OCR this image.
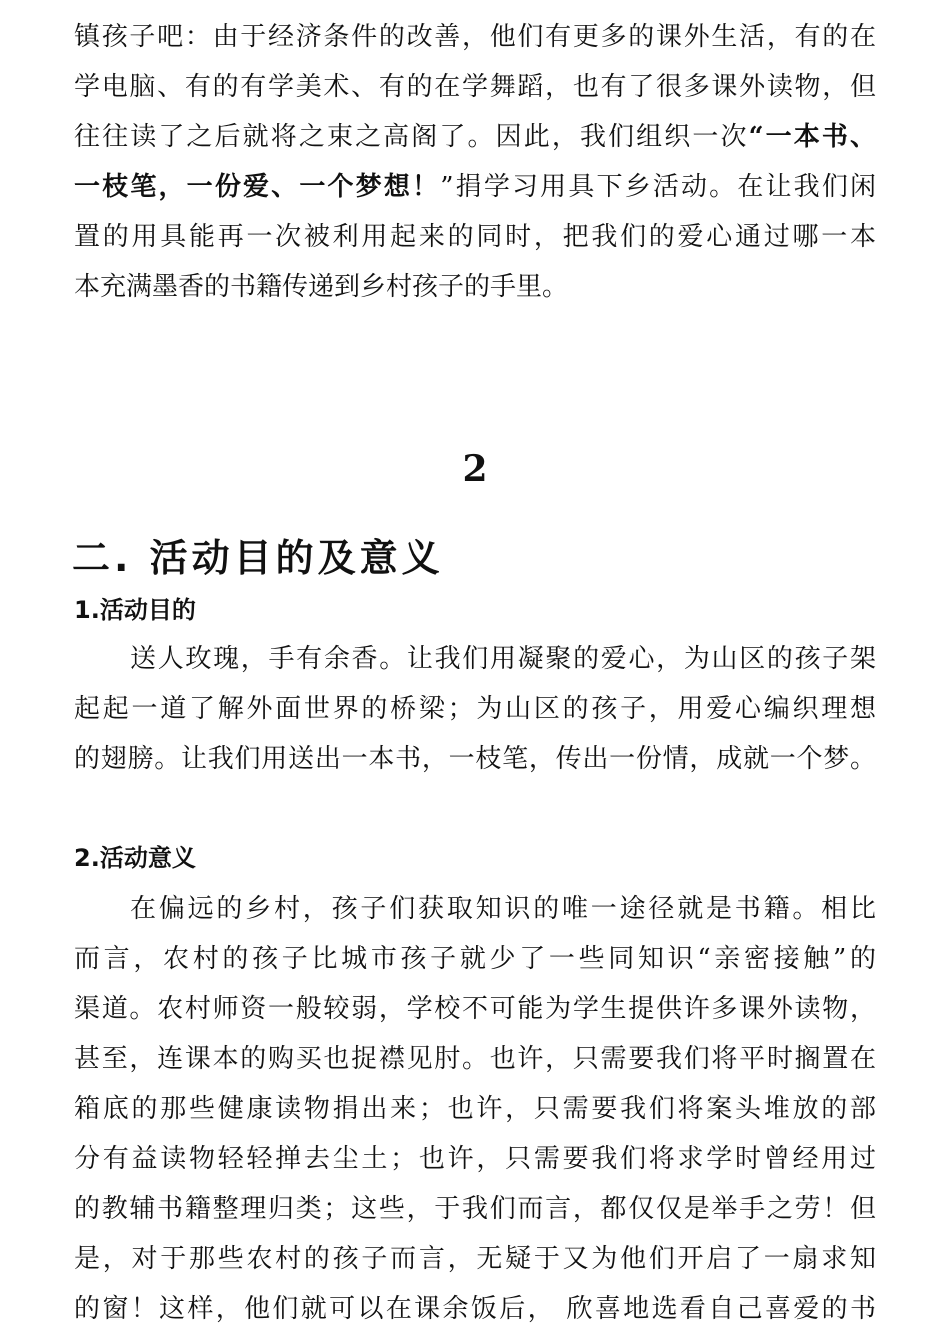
镇孩子吧：由于经济条件的改善，他们有更多的课外生活，有的在
学电脑、有的有学美术、有的在学舞蹈，也有了很多课外读物，但
往往读了之后就将之束之高阁了。因此，我们组织一次“一本书、
一枝笔，一份爱、一个梦想！”捐学习用具下乡活动。在让我们闲
置的用具能再一次被利用起来的同时，把我们的爱心通过哪一本
本充满墨香的书籍传递到乡村孩子的手里。
2
二. 活动目的及意义
1.活动目的
送人玫瑰，手有余香。让我们用凝聚的爱心，为山区的孩子架
起起一道了解外面世界的桥梁；为山区的孩子，用爱心编织理想
的翅膀。让我们用送出一本书，一枝笔，传出一份情，成就一个梦。
2.活动意义
在偏远的乡村，孩子们获取知识的唯一途径就是书籍。相比
而言，农村的孩子比城市孩子就少了一些同知识“亲密接触”的
渠道。农村师资一般较弱，学校不可能为学生提供许多课外读物，
甚至，连课本的购买也捉襟见肘。也许，只需要我们将平时搁置在
箱底的那些健康读物捐出来；也许，只需要我们将案头堆放的部
分有益读物轻轻掸去尘土；也许，只需要我们将求学时曾经用过
的教辅书籍整理归类；这些，于我们而言，都仅仅是举手之劳！但
是，对于那些农村的孩子而言，无疑于又为他们开启了一扇求知
的窗！这样，他们就可以在课余饭后， 欣喜地选看自己喜爱的书
